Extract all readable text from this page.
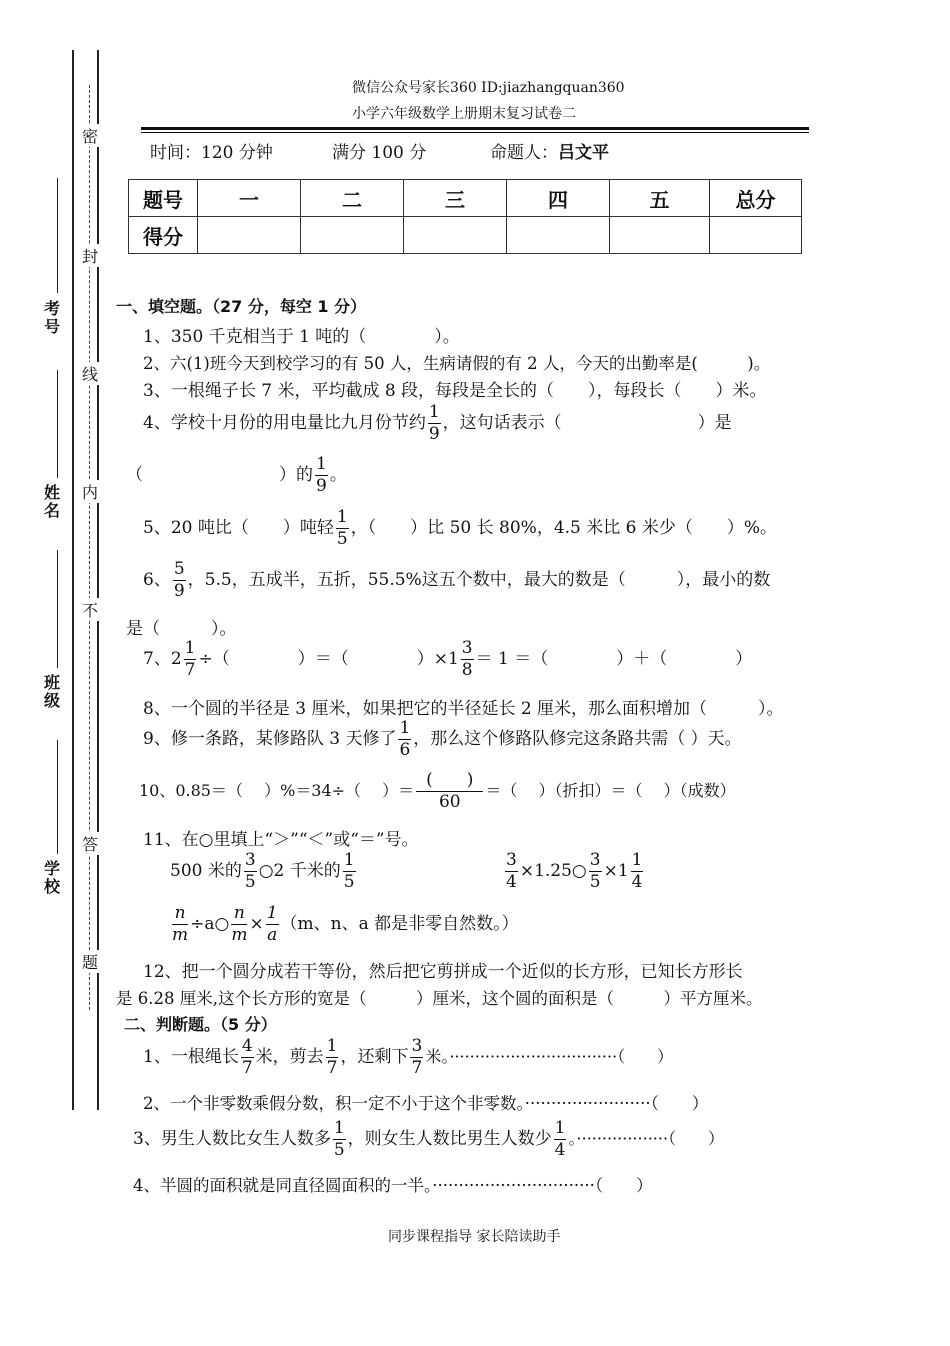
密
封
线
内
不
答
题
考号
姓名
班级
学校
微信公众号家长360 ID:jiazhangquan360
小学六年级数学上册期末复习试卷二
时间：120 分钟	满分 100 分	命题人：吕文平
题号	一	二	三	四	五	总分
得分						
一、填空题。（27 分，每空 1 分）
1、350 千克相当于 1 吨的（　　　　）。
2、六(1)班今天到校学习的有 50 人，生病请假的有 2 人，今天的出勤率是(　　　)。
3、一根绳子长 7 米，平均截成 8 段，每段是全长的（　　），每段长（　　）米。
4、学校十月份的用电量比九月份节约 $\frac{1}{9}$ ，这句话表示（　　　　　　　　）是
（　　　　　　　　）的 $\frac{1}{9}$ 。
5、20 吨比（　　）吨轻 $\frac{1}{5}$ ，（　　）比 50 长 80%，4.5 米比 6 米少（　　）%。
6、 $\frac{5}{9}$ ，5.5，五成半，五折，55.5%这五个数中，最大的数是（　　　），最小的数
是（　　　）。
7、$2 \frac{1}{7}$ ÷（　　　　）＝（　　　　）$\times 1 \frac{3}{8} = 1$ ＝（　　　　）＋（　　　　）
8、一个圆的半径是 3 厘米，如果把它的半径延长 2 厘米，那么面积增加（　　　）。
9、修一条路，某修路队 3 天修了 $\frac{1}{6}$ ，那么这个修路队修完这条路共需（ ）天。
10、0.85＝（　 ）%＝34÷（　 ）＝ $\frac{( )}{60}$ ＝（　 ）（折扣）＝（　 ）（成数）
11、在○里填上“＞”“＜”或“＝”号。
500 米的 $\frac{3}{5}$ ○2 千米的 $\frac{1}{5}$	$\frac{3}{4}$ ×1.25○ $\frac{3}{5} \times 1 \frac{1}{4}$
$\frac{n}{m}$ ÷a○ $\frac{n}{m} \times \frac{1}{a} (m$、n、a 都是非零自然数。）
12、把一个圆分成若干等份，然后把它剪拼成一个近似的长方形，已知长方形长
是 6.28 厘米,这个长方形的宽是（　　　）厘米，这个圆的面积是（　　　）平方厘米。
二、判断题。（5 分）
1、一根绳长 $\frac{4}{7}$ 米，剪去 $\frac{1}{7}$ ，还剩下 $\frac{3}{7}$ 米。·································（　　）
2、一个非零数乘假分数，积一定不小于这个非零数。························（　　）
3、男生人数比女生人数多 $\frac{1}{5}$ ，则女生人数比男生人数少 $\frac{1}{4}$ 。··················（　　）
4、半圆的面积就是同直径圆面积的一半。·······························（　　）
同步课程指导 家长陪读助手
